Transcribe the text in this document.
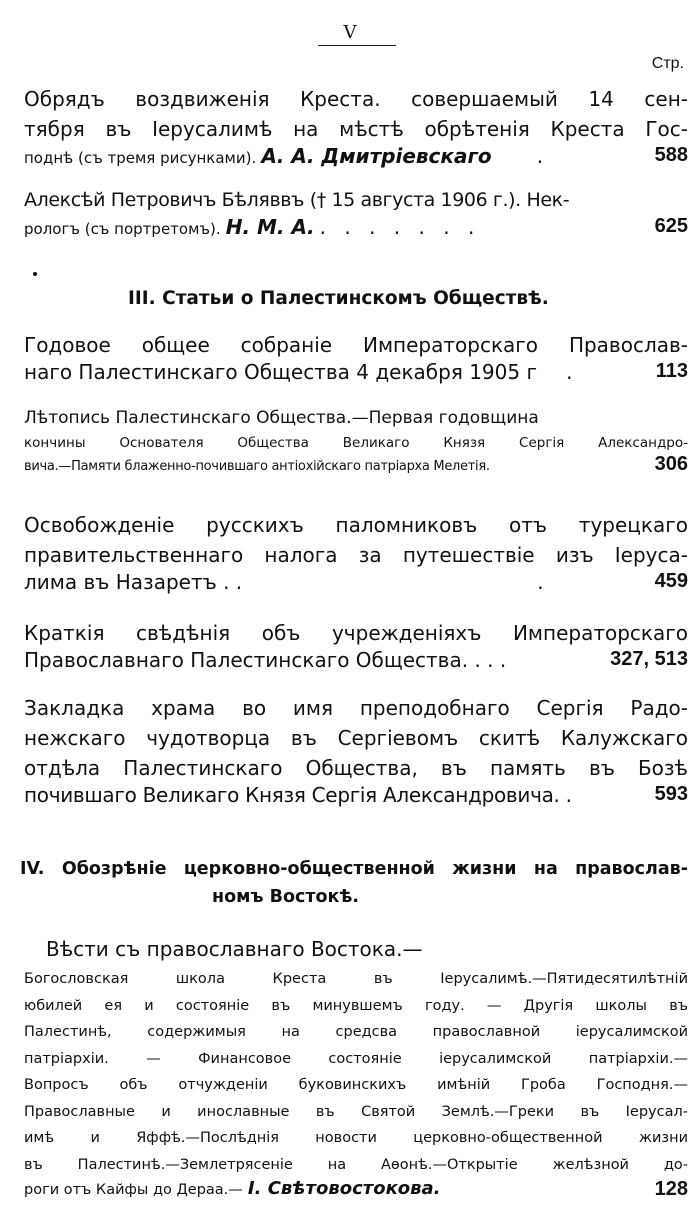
V
Стр.
Обрядъ воздвиженія Креста. совершаемый 14 сен-
тября въ Іерусалимѣ на мѣстѣ обрѣтенія Креста Гос-
поднѣ (съ тремя рисунками). А. А. Дмитріевскаго .	588
Алексѣй Петровичъ Бѣляввъ († 15 августа 1906 г.). Нек-
рологъ (съ портретомъ). Н. М. А. . . . . . . .	625
III. Статьи о Палестинскомъ Обществѣ.
Годовое общее собраніе Императорскаго Православ-
наго Палестинскаго Общества 4 декабря 1905 г .	113
Лѣтопись Палестинскаго Общества.—Первая годовщина
кончины Основателя Общества Великаго Князя Сергія Александро-
вича.—Памяти блаженно-почившаго антіохійскаго патріарха Мелетія.	306
Освобожденіе русскихъ паломниковъ отъ турецкаго
правительственнаго налога за путешествіе изъ Іеруса-
лима въ Назаретъ . .	.	459
Краткія свѣдѣнія объ учрежденіяхъ Императорскаго
Православнаго Палестинскаго Общества. . . .	327, 513
Закладка храма во имя преподобнаго Сергія Радо-
нежскаго чудотворца въ Сергіевомъ скитѣ Калужскаго
отдѣла Палестинскаго Общества, въ память въ Бозѣ
почившаго Великаго Князя Сергія Александровича. .	593
IV. Обозрѣніе церковно-общественной жизни на православ-
номъ Востокѣ.
Вѣсти съ православнаго Востока.—
Богословская школа Креста въ Іерусалимѣ.—Пятидесятилѣтній
юбилей ея и состояніе въ минувшемъ году. — Другія школы въ
Палестинѣ, содержимыя на средсва православной іерусалимской
патріархіи. — Финансовое состояніе іерусалимской патріархіи.—
Вопросъ объ отчужденіи буковинскихъ имѣній Гроба Господня.—
Православные и инославные въ Святой Землѣ.—Греки въ Іерусал-
имѣ и Яффѣ.—Послѣднія новости церковно-общественной жизни
въ Палестинѣ.—Землетрясеніе на Аѳонѣ.—Открытіе желѣзной до-
роги отъ Кайфы до Дераа.— І. Свѣтовостокова.	128
